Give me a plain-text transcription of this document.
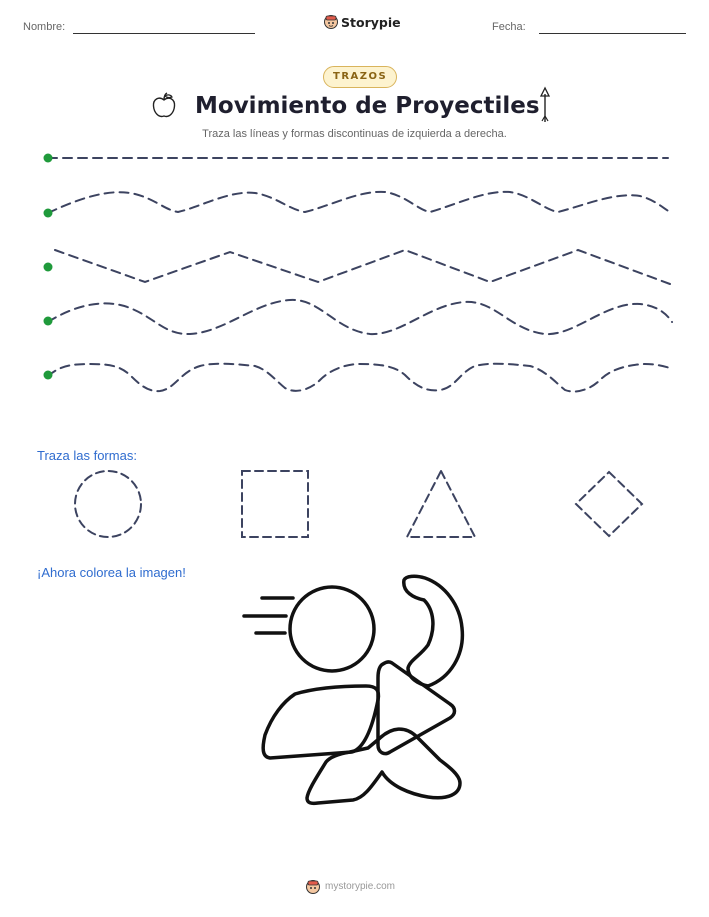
Nombre:	Storypie	Fecha:
TRAZOS
Movimiento de Proyectiles
Traza las líneas y formas discontinuas de izquierda a derecha.
Traza las formas:
¡Ahora colorea la imagen!
mystorypie.com
